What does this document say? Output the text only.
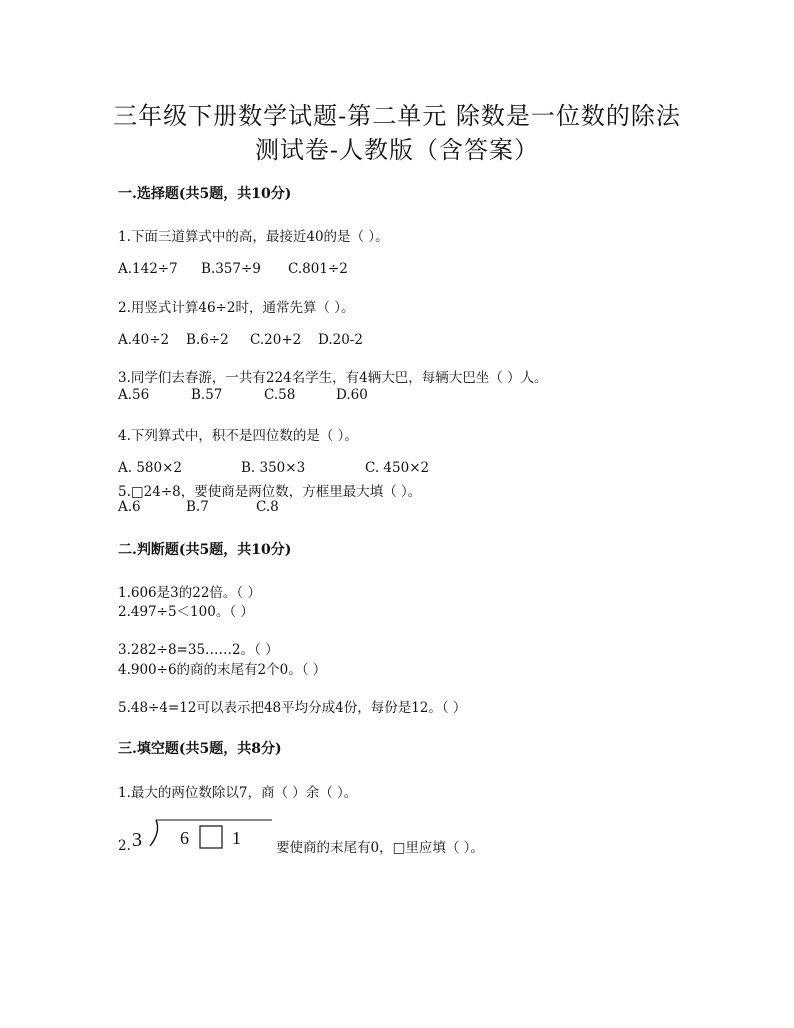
三年级下册数学试题-第二单元 除数是一位数的除法
测试卷-人教版（含答案）
一.选择题(共5题，共10分)
1.下面三道算式中的高，最接近40的是（ ）。
A.142÷7 B.357÷9 C.801÷2
2.用竖式计算46÷2时，通常先算（ ）。
A.40÷2 B.6÷2 C.20+2 D.20-2
3.同学们去春游，一共有224名学生，有4辆大巴，每辆大巴坐（ ）人。
A.56	B.57	C.58	D.60
4.下列算式中，积不是四位数的是（ ）。
A. 580×2	B. 350×3	C. 450×2
5.□24÷8，要使商是两位数，方框里最大填（ ）。
A.6	B.7	C.8
二.判断题(共5题，共10分)
1.606是3的22倍。（ ）
2.497÷5＜100。（ ）
3.282÷8=35……2。（ ）
4.900÷6的商的末尾有2个0。（ ）
5.48÷4=12可以表示把48平均分成4份，每份是12。（ ）
三.填空题(共5题，共8分)
1.最大的两位数除以7，商（ ）余（ ）。
2. 3 6 1	要使商的末尾有0，□里应填（ ）。
